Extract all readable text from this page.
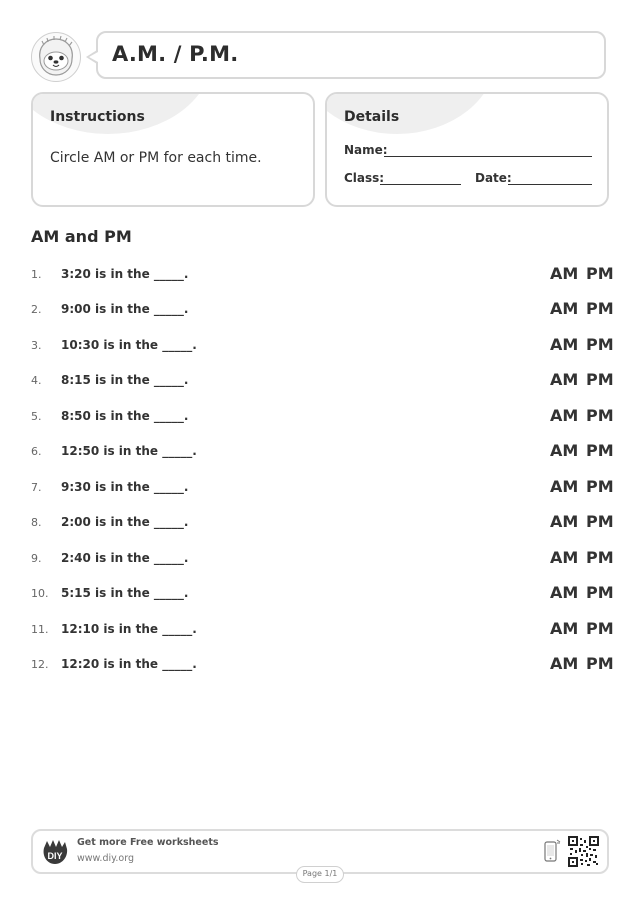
A.M. / P.M.
Instructions
Circle AM or PM for each time.
Details
Name:
Class:	Date:
AM and PM
1. 3:20 is in the _____.	AM PM
2. 9:00 is in the _____.	AM PM
3. 10:30 is in the _____.	AM PM
4. 8:15 is in the _____.	AM PM
5. 8:50 is in the _____.	AM PM
6. 12:50 is in the _____.	AM PM
7. 9:30 is in the _____.	AM PM
8. 2:00 is in the _____.	AM PM
9. 2:40 is in the _____.	AM PM
10. 5:15 is in the _____.	AM PM
11. 12:10 is in the _____.	AM PM
12. 12:20 is in the _____.	AM PM
DIY
Get more Free worksheets
www.diy.org
Page 1/1
